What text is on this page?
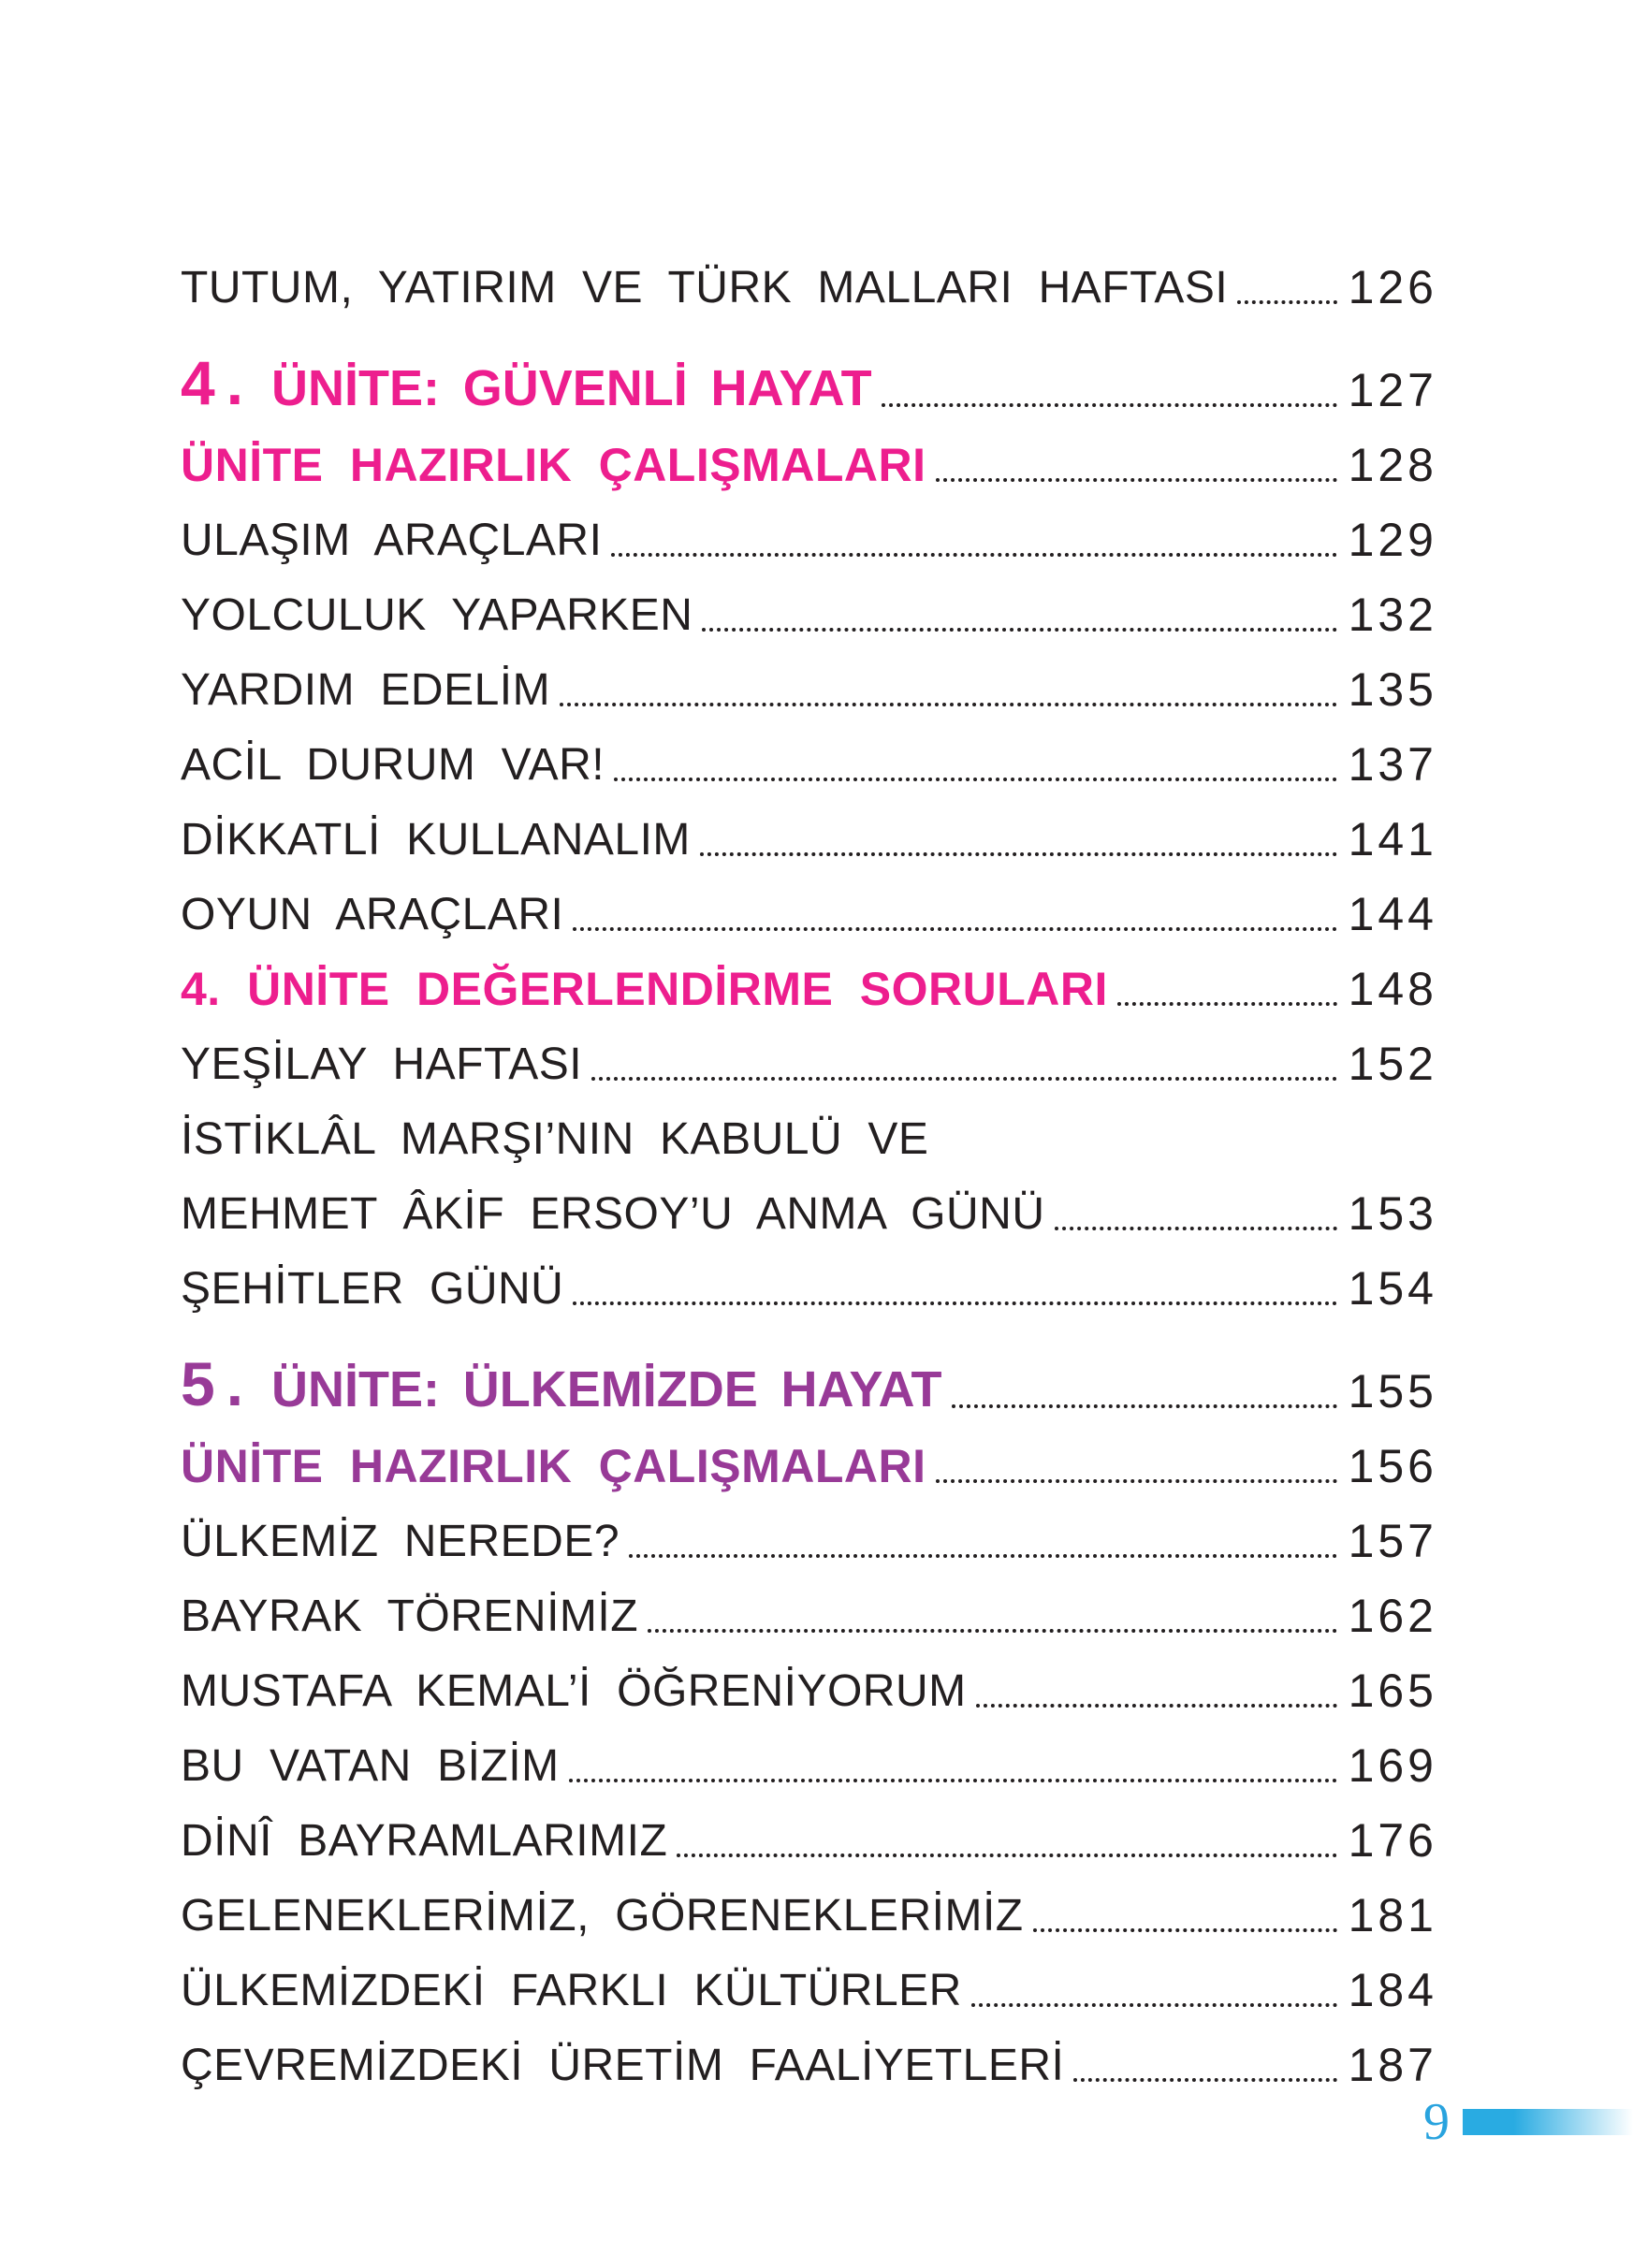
TUTUM, YATIRIM VE TÜRK MALLARI HAFTASI	126
4. ÜNİTE: GÜVENLİ HAYAT	127
ÜNİTE HAZIRLIK ÇALIŞMALARI	128
ULAŞIM ARAÇLARI	129
YOLCULUK YAPARKEN	132
YARDIM EDELİM	135
ACİL DURUM VAR!	137
DİKKATLİ KULLANALIM	141
OYUN ARAÇLARI	144
4. ÜNİTE DEĞERLENDİRME SORULARI	148
YEŞİLAY HAFTASI	152
İSTİKLÂL MARŞI’NIN KABULÜ VE
MEHMET ÂKİF ERSOY’U ANMA GÜNÜ	153
ŞEHİTLER GÜNÜ	154
5. ÜNİTE: ÜLKEMİZDE HAYAT	155
ÜNİTE HAZIRLIK ÇALIŞMALARI	156
ÜLKEMİZ NEREDE?	157
BAYRAK TÖRENİMİZ	162
MUSTAFA KEMAL’İ ÖĞRENİYORUM	165
BU VATAN BİZİM	169
DİNÎ BAYRAMLARIMIZ	176
GELENEKLERİMİZ, GÖRENEKLERİMİZ	181
ÜLKEMİZDEKİ FARKLI KÜLTÜRLER	184
ÇEVREMİZDEKİ ÜRETİM FAALİYETLERİ	187
9
